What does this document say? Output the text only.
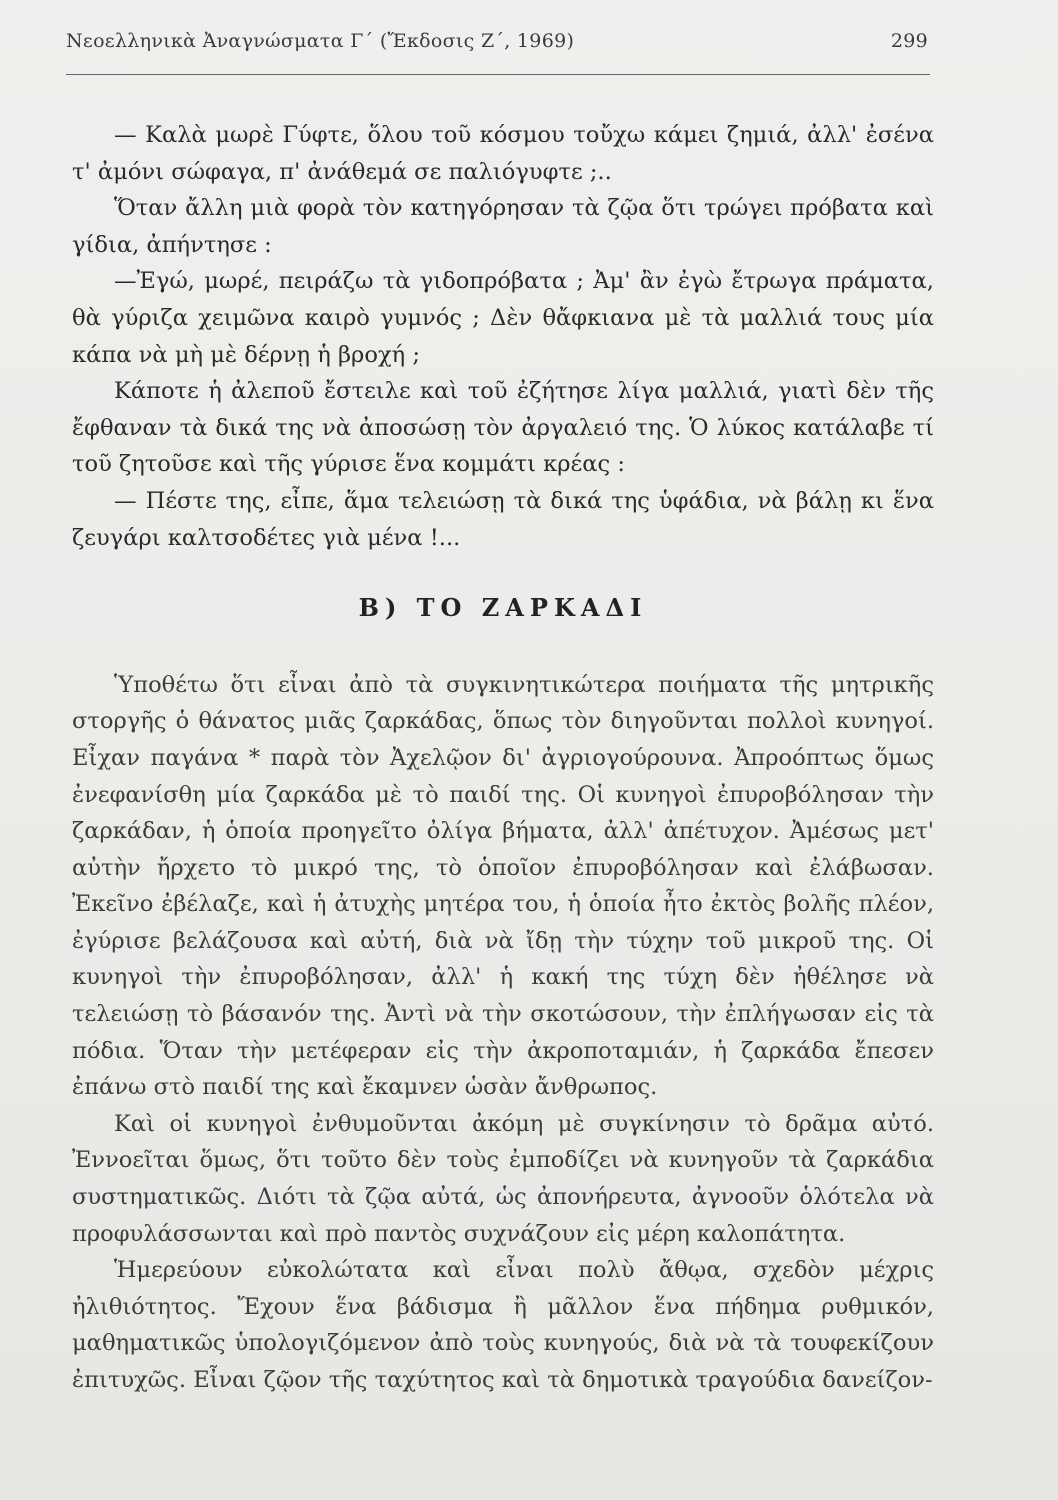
Νεοελληνικὰ Ἀναγνώσματα Γ΄ (Ἔκδοσις Ζ΄, 1969)	299

— Καλὰ μωρὲ Γύφτε, ὅλου τοῦ κόσμου τοὔχω κάμει ζημιά, ἀλλ' ἐσένα τ' ἀμόνι σώφαγα, π' ἀνάθεμά σε παλιόγυφτε ;..

Ὅταν ἄλλη μιὰ φορὰ τὸν κατηγόρησαν τὰ ζῷα ὅτι τρώγει πρόβατα καὶ γίδια, ἀπήντησε :

—Ἐγώ, μωρέ, πειράζω τὰ γιδοπρόβατα ; Ἀμ' ἂν ἐγὼ ἔτρωγα πράματα, θὰ γύριζα χειμῶνα καιρὸ γυμνός ; Δὲν θἄφκιανα μὲ τὰ μαλλιά τους μία κάπα νὰ μὴ μὲ δέρνῃ ἡ βροχή ;

Κάποτε ἡ ἀλεποῦ ἔστειλε καὶ τοῦ ἐζήτησε λίγα μαλλιά, γιατὶ δὲν τῆς ἔφθαναν τὰ δικά της νὰ ἀποσώσῃ τὸν ἀργαλειό της. Ὁ λύκος κατάλαβε τί τοῦ ζητοῦσε καὶ τῆς γύρισε ἕνα κομμάτι κρέας :

— Πέστε της, εἶπε, ἅμα τελειώσῃ τὰ δικά της ὑφάδια, νὰ βάλῃ κι ἕνα ζευγάρι καλτσοδέτες γιὰ μένα !...

Β) ΤΟ ΖΑΡΚΑΔΙ

Ὑποθέτω ὅτι εἶναι ἀπὸ τὰ συγκινητικώτερα ποιήματα τῆς μητρικῆς στοργῆς ὁ θάνατος μιᾶς ζαρκάδας, ὅπως τὸν διηγοῦνται πολλοὶ κυνηγοί. Εἶχαν παγάνα * παρὰ τὸν Ἀχελῷον δι' ἀγριογούρουνα. Ἀπροόπτως ὅμως ἐνεφανίσθη μία ζαρκάδα μὲ τὸ παιδί της. Οἱ κυνηγοὶ ἐπυροβόλησαν τὴν ζαρκάδαν, ἡ ὁποία προηγεῖτο ὀλίγα βήματα, ἀλλ' ἀπέτυχον. Ἀμέσως μετ' αὐτὴν ἤρχετο τὸ μικρό της, τὸ ὁποῖον ἐπυροβόλησαν καὶ ἐλάβωσαν. Ἐκεῖνο ἐβέλαζε, καὶ ἡ ἀτυχὴς μητέρα του, ἡ ὁποία ἦτο ἐκτὸς βολῆς πλέον, ἐγύρισε βελάζουσα καὶ αὐτή, διὰ νὰ ἴδῃ τὴν τύχην τοῦ μικροῦ της. Οἱ κυνηγοὶ τὴν ἐπυροβόλησαν, ἀλλ' ἡ κακή της τύχη δὲν ἠθέλησε νὰ τελειώσῃ τὸ βάσανόν της. Ἀντὶ νὰ τὴν σκοτώσουν, τὴν ἐπλήγωσαν εἰς τὰ πόδια. Ὅταν τὴν μετέφεραν εἰς τὴν ἀκροποταμιάν, ἡ ζαρκάδα ἔπεσεν ἐπάνω στὸ παιδί της καὶ ἔκαμνεν ὡσὰν ἄνθρωπος.

Καὶ οἱ κυνηγοὶ ἐνθυμοῦνται ἀκόμη μὲ συγκίνησιν τὸ δρᾶμα αὐτό. Ἐννοεῖται ὅμως, ὅτι τοῦτο δὲν τοὺς ἐμποδίζει νὰ κυνηγοῦν τὰ ζαρκάδια συστηματικῶς. Διότι τὰ ζῷα αὐτά, ὡς ἀπονήρευτα, ἀγνοοῦν ὁλότελα νὰ προφυλάσσωνται καὶ πρὸ παντὸς συχνάζουν εἰς μέρη καλοπάτητα.

Ἡμερεύουν εὐκολώτατα καὶ εἶναι πολὺ ἄθῳα, σχεδὸν μέχρις ἠλιθιότητος. Ἔχουν ἕνα βάδισμα ἢ μᾶλλον ἕνα πήδημα ρυθμικόν, μαθηματικῶς ὑπολογιζόμενον ἀπὸ τοὺς κυνηγούς, διὰ νὰ τὰ τουφεκίζουν ἐπιτυχῶς. Εἶναι ζῷον τῆς ταχύτητος καὶ τὰ δημοτικὰ τραγούδια δανείζον-
